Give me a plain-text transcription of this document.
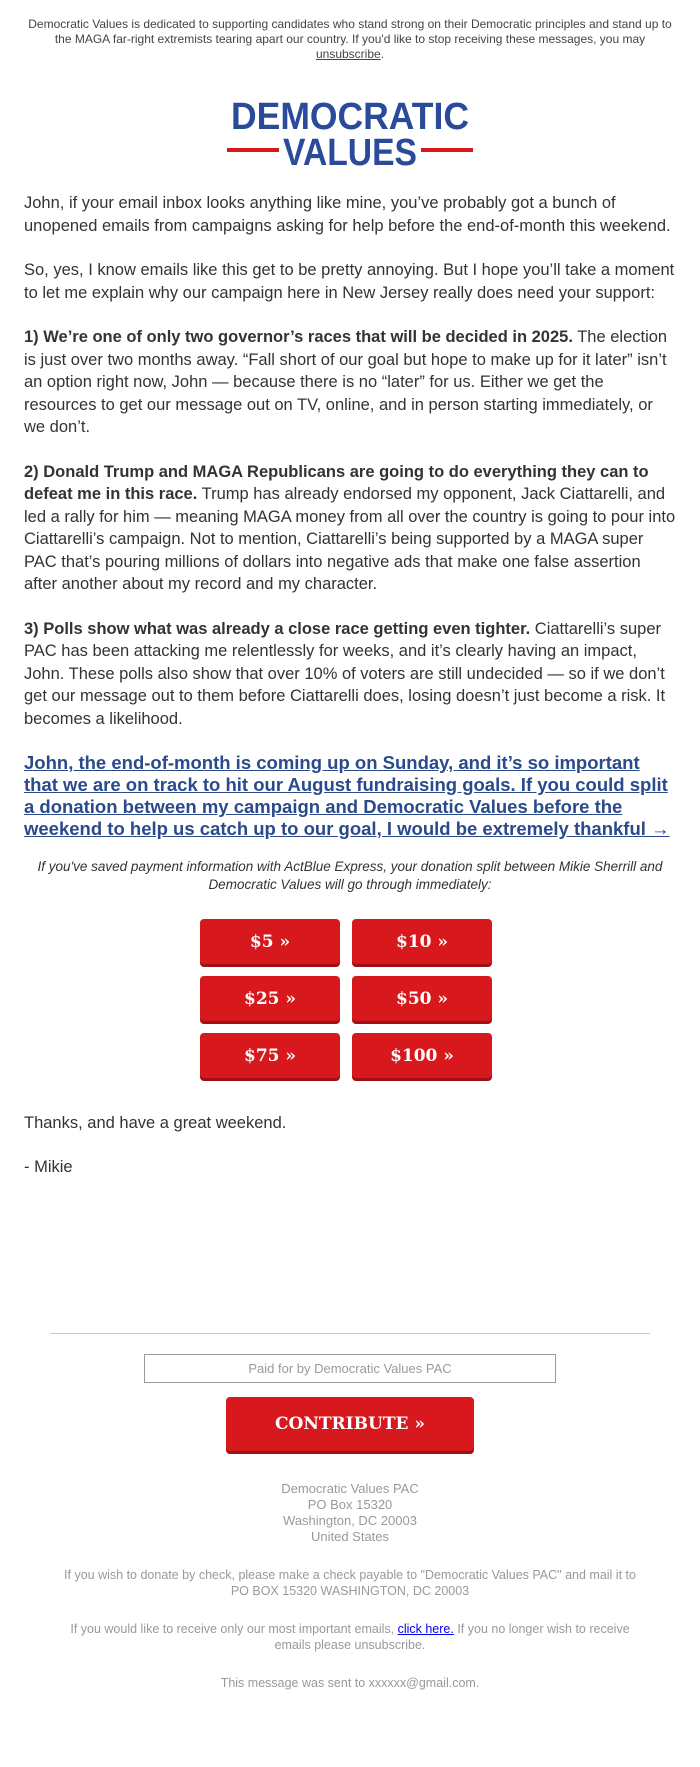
Democratic Values is dedicated to supporting candidates who stand strong on their Democratic principles and stand up to the MAGA far-right extremists tearing apart our country. If you'd like to stop receiving these messages, you may unsubscribe.
DEMOCRATIC
VALUES

John, if your email inbox looks anything like mine, you’ve probably got a bunch of unopened emails from campaigns asking for help before the end-of-month this weekend.

So, yes, I know emails like this get to be pretty annoying. But I hope you’ll take a moment to let me explain why our campaign here in New Jersey really does need your support:

1) We’re one of only two governor’s races that will be decided in 2025. The election is just over two months away. “Fall short of our goal but hope to make up for it later” isn’t an option right now, John — because there is no “later” for us. Either we get the resources to get our message out on TV, online, and in person starting immediately, or we don’t.

2) Donald Trump and MAGA Republicans are going to do everything they can to defeat me in this race. Trump has already endorsed my opponent, Jack Ciattarelli, and led a rally for him — meaning MAGA money from all over the country is going to pour into Ciattarelli’s campaign. Not to mention, Ciattarelli’s being supported by a MAGA super PAC that’s pouring millions of dollars into negative ads that make one false assertion after another about my record and my character.

3) Polls show what was already a close race getting even tighter. Ciattarelli’s super PAC has been attacking me relentlessly for weeks, and it’s clearly having an impact, John. These polls also show that over 10% of voters are still undecided — so if we don’t get our message out to them before Ciattarelli does, losing doesn’t just become a risk. It becomes a likelihood.

John, the end-of-month is coming up on Sunday, and it’s so important that we are on track to hit our August fundraising goals. If you could split a donation between my campaign and Democratic Values before the weekend to help us catch up to our goal, I would be extremely thankful →
If you've saved payment information with ActBlue Express, your donation split between Mikie Sherrill and Democratic Values will go through immediately:
$5 »	$10 »
$25 »	$50 »
$75 »	$100 »

Thanks, and have a great weekend.

- Mikie

Paid for by Democratic Values PAC
CONTRIBUTE »
Democratic Values PAC
PO Box 15320
Washington, DC 20003
United States
If you wish to donate by check, please make a check payable to "Democratic Values PAC" and mail it to PO BOX 15320 WASHINGTON, DC 20003
If you would like to receive only our most important emails, click here. If you no longer wish to receive emails please unsubscribe.
This message was sent to xxxxxx@gmail.com.
